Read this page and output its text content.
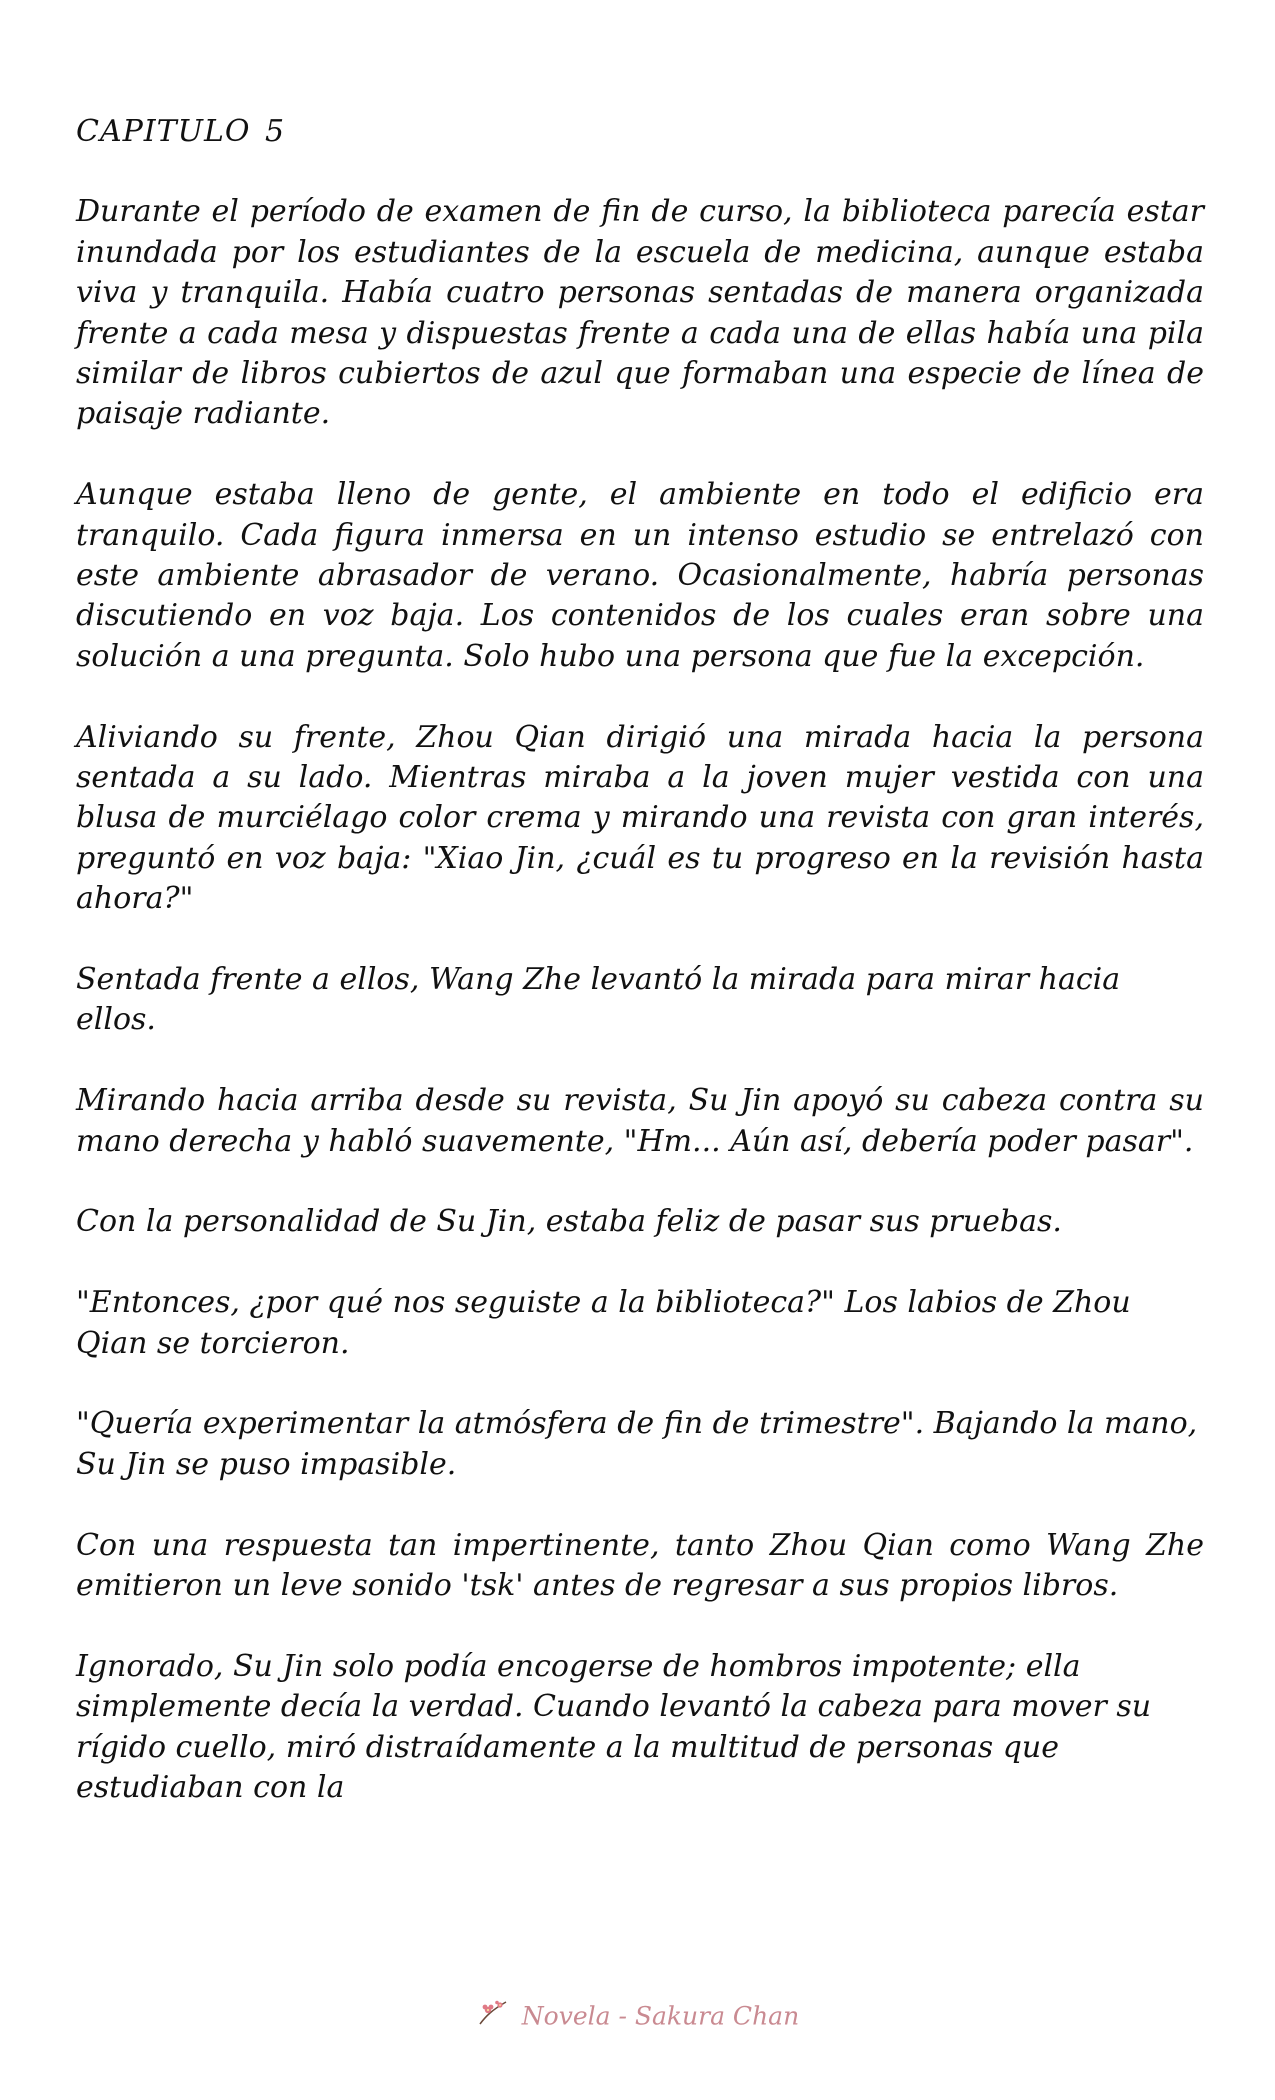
CAPITULO 5

Durante el período de examen de fin de curso, la biblioteca parecía estar inundada por los estudiantes de la escuela de medicina, aunque estaba viva y tranquila. Había cuatro personas sentadas de manera organizada frente a cada mesa y dispuestas frente a cada una de ellas había una pila similar de libros cubiertos de azul que formaban una especie de línea de paisaje radiante.

Aunque estaba lleno de gente, el ambiente en todo el edificio era tranquilo. Cada figura inmersa en un intenso estudio se entrelazó con este ambiente abrasador de verano. Ocasionalmente, habría personas discutiendo en voz baja. Los contenidos de los cuales eran sobre una solución a una pregunta. Solo hubo una persona que fue la excepción.

Aliviando su frente, Zhou Qian dirigió una mirada hacia la persona sentada a su lado. Mientras miraba a la joven mujer vestida con una blusa de murciélago color crema y mirando una revista con gran interés, preguntó en voz baja: "Xiao Jin, ¿cuál es tu progreso en la revisión hasta ahora?"

Sentada frente a ellos, Wang Zhe levantó la mirada para mirar hacia ellos.

Mirando hacia arriba desde su revista, Su Jin apoyó su cabeza contra su mano derecha y habló suavemente, "Hm... Aún así, debería poder pasar".

Con la personalidad de Su Jin, estaba feliz de pasar sus pruebas.

"Entonces, ¿por qué nos seguiste a la biblioteca?" Los labios de Zhou Qian se torcieron.

"Quería experimentar la atmósfera de fin de trimestre". Bajando la mano, Su Jin se puso impasible.

Con una respuesta tan impertinente, tanto Zhou Qian como Wang Zhe emitieron un leve sonido 'tsk' antes de regresar a sus propios libros.

Ignorado, Su Jin solo podía encogerse de hombros impotente; ella simplemente decía la verdad. Cuando levantó la cabeza para mover su rígido cuello, miró distraídamente a la multitud de personas que estudiaban con la

Novela - Sakura Chan
